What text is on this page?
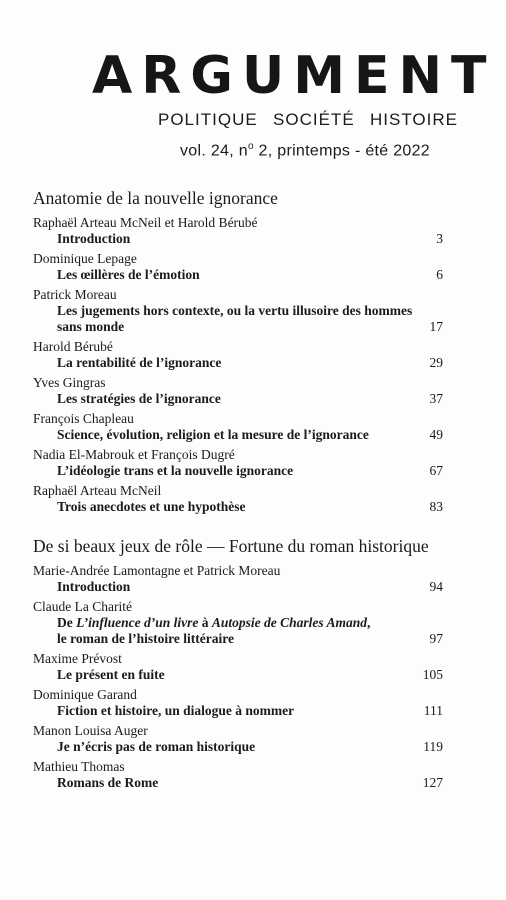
ARGUMENT
POLITIQUE SOCIÉTÉ HISTOIRE
vol. 24, $n^o$ 2, printemps - été 2022
Anatomie de la nouvelle ignorance
Raphaël Arteau McNeil et Harold Bérubé
Introduction	3
Dominique Lepage
Les œillères de l’émotion	6
Patrick Moreau
Les jugements hors contexte, ou la vertu illusoire des hommes
sans monde	17
Harold Bérubé
La rentabilité de l’ignorance	29
Yves Gingras
Les stratégies de l’ignorance	37
François Chapleau
Science, évolution, religion et la mesure de l’ignorance	49
Nadia El-Mabrouk et François Dugré
L’idéologie trans et la nouvelle ignorance	67
Raphaël Arteau McNeil
Trois anecdotes et une hypothèse	83
De si beaux jeux de rôle — Fortune du roman historique
Marie-Andrée Lamontagne et Patrick Moreau
Introduction	94
Claude La Charité
De L’influence d’un livre à Autopsie de Charles Amand,
le roman de l’histoire littéraire	97
Maxime Prévost
Le présent en fuite	105
Dominique Garand
Fiction et histoire, un dialogue à nommer	111
Manon Louisa Auger
Je n’écris pas de roman historique	119
Mathieu Thomas
Romans de Rome	127
